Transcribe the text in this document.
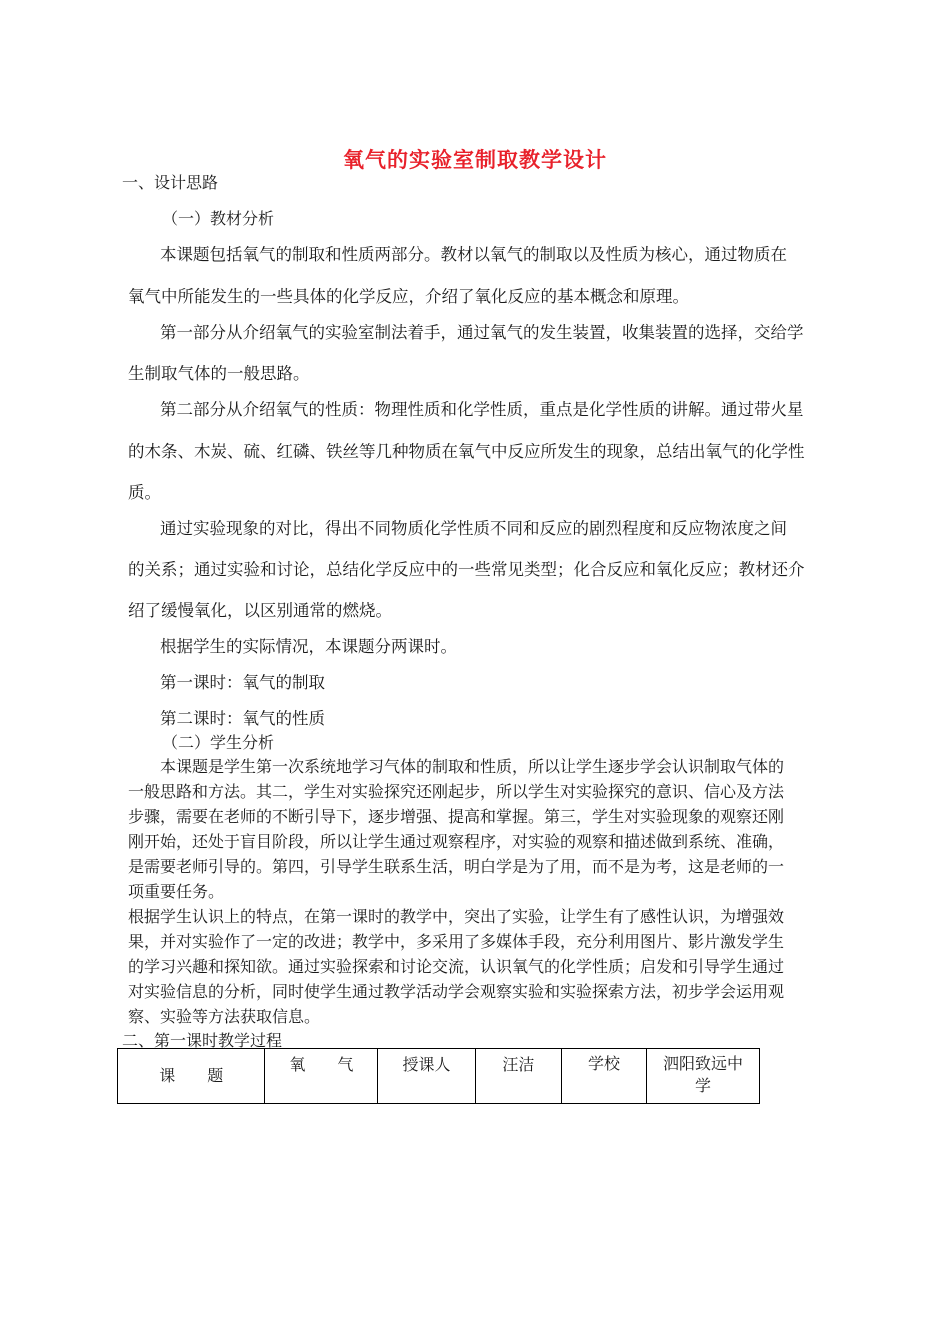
氧气的实验室制取教学设计
一、设计思路
（一）教材分析
本课题包括氧气的制取和性质两部分。教材以氧气的制取以及性质为核心，通过物质在
氧气中所能发生的一些具体的化学反应，介绍了氧化反应的基本概念和原理。
第一部分从介绍氧气的实验室制法着手，通过氧气的发生装置，收集装置的选择，交给学
生制取气体的一般思路。
第二部分从介绍氧气的性质：物理性质和化学性质，重点是化学性质的讲解。通过带火星
的木条、木炭、硫、红磷、铁丝等几种物质在氧气中反应所发生的现象，总结出氧气的化学性
质。
通过实验现象的对比，得出不同物质化学性质不同和反应的剧烈程度和反应物浓度之间
的关系；通过实验和讨论，总结化学反应中的一些常见类型；化合反应和氧化反应；教材还介
绍了缓慢氧化，以区别通常的燃烧。
根据学生的实际情况，本课题分两课时。
第一课时：氧气的制取
第二课时：氧气的性质
（二）学生分析
本课题是学生第一次系统地学习气体的制取和性质，所以让学生逐步学会认识制取气体的
一般思路和方法。其二，学生对实验探究还刚起步，所以学生对实验探究的意识、信心及方法
步骤，需要在老师的不断引导下，逐步增强、提高和掌握。第三，学生对实验现象的观察还刚
刚开始，还处于盲目阶段，所以让学生通过观察程序，对实验的观察和描述做到系统、准确，
是需要老师引导的。第四，引导学生联系生活，明白学是为了用，而不是为考，这是老师的一
项重要任务。
根据学生认识上的特点，在第一课时的教学中，突出了实验，让学生有了感性认识，为增强效
果，并对实验作了一定的改进；教学中，多采用了多媒体手段，充分利用图片、影片激发学生
的学习兴趣和探知欲。通过实验探索和讨论交流，认识氧气的化学性质；启发和引导学生通过
对实验信息的分析，同时使学生通过教学活动学会观察实验和实验探索方法，初步学会运用观
察、实验等方法获取信息。
二、第一课时教学过程
课　　题	氧　　气	授课人	汪洁	学校	泗阳致远中学
